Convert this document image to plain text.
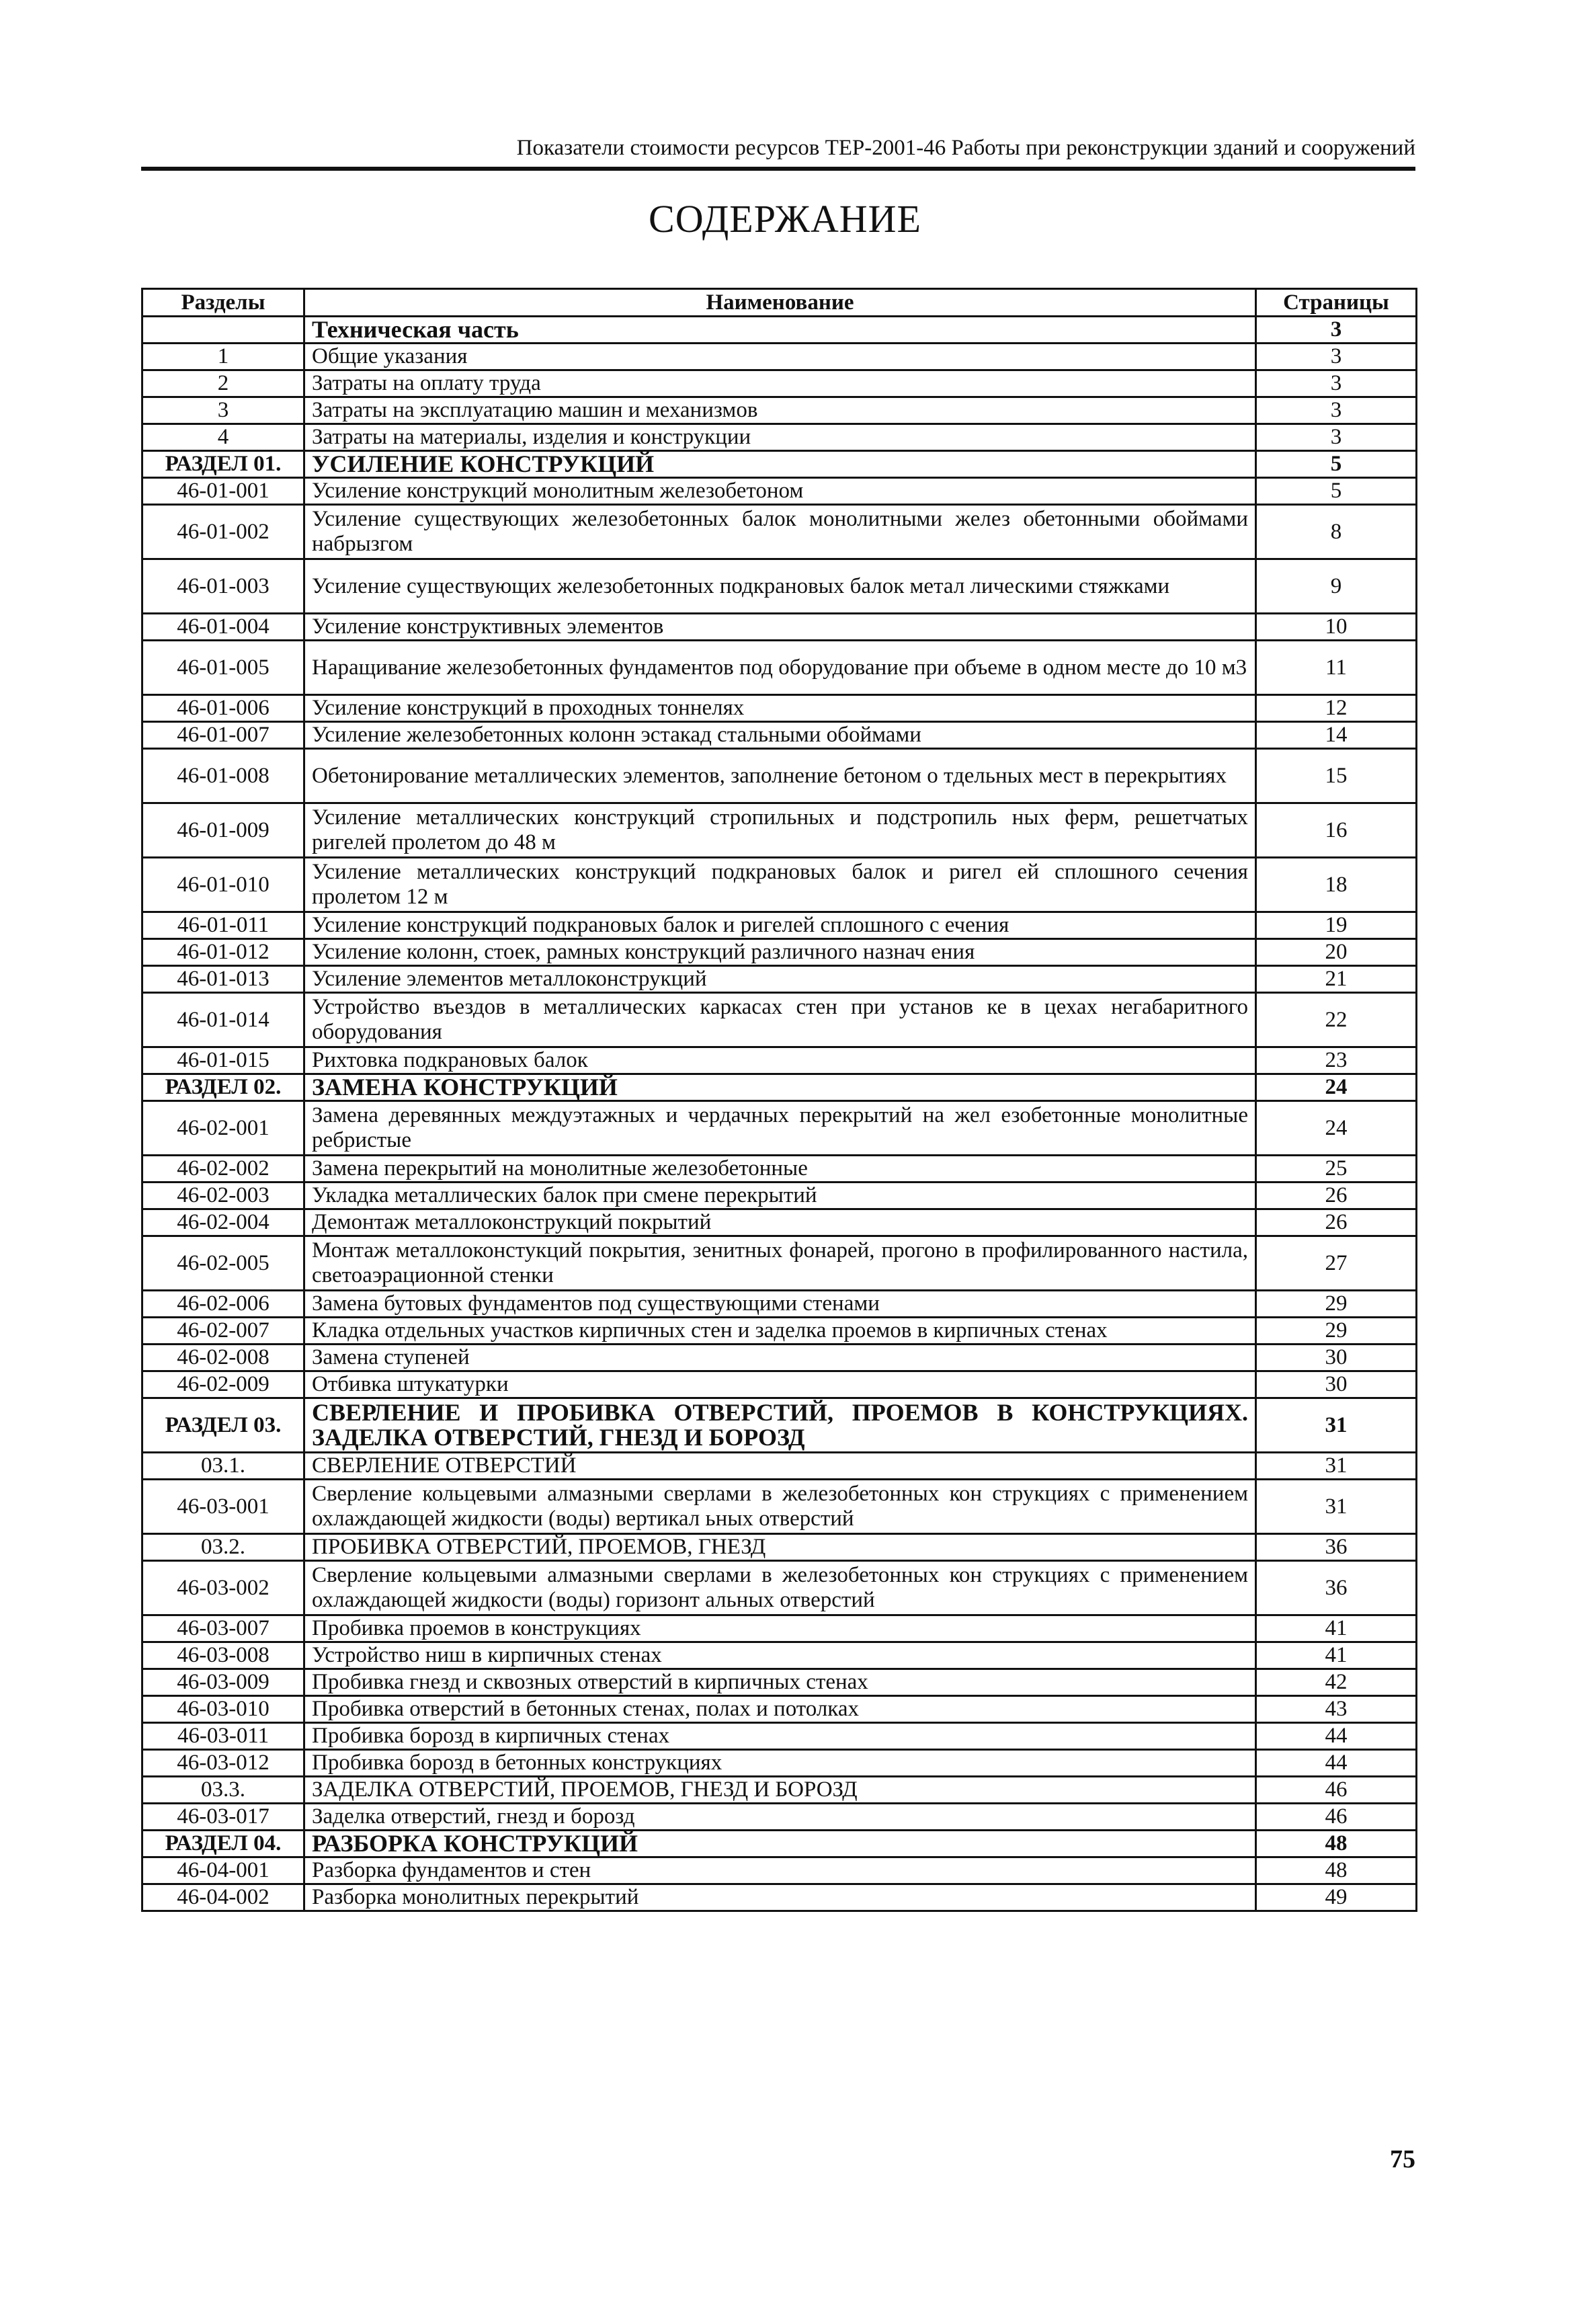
Показатели стоимости ресурсов ТЕР-2001-46 Работы при реконструкции зданий и сооружений
СОДЕРЖАНИЕ
Разделы	Наименование	Страницы
	Техническая часть	3
1	Общие указания	3
2	Затраты на оплату труда	3
3	Затраты на эксплуатацию машин и механизмов	3
4	Затраты на материалы, изделия и конструкции	3
РАЗДЕЛ 01.	УСИЛЕНИЕ КОНСТРУКЦИЙ	5
46-01-001	Усиление конструкций монолитным железобетоном	5
46-01-002	Усиление существующих железобетонных балок монолитными желез обетонными обоймами набрызгом	8
46-01-003	Усиление существующих железобетонных подкрановых балок метал лическими стяжками	9
46-01-004	Усиление конструктивных элементов	10
46-01-005	Наращивание железобетонных фундаментов под оборудование при объеме в одном месте до 10 м3	11
46-01-006	Усиление конструкций в проходных тоннелях	12
46-01-007	Усиление железобетонных колонн эстакад стальными обоймами	14
46-01-008	Обетонирование металлических элементов, заполнение бетоном о тдельных мест в перекрытиях	15
46-01-009	Усиление металлических конструкций стропильных и подстропиль ных ферм, решетчатых ригелей пролетом до 48 м	16
46-01-010	Усиление металлических конструкций подкрановых балок и ригел ей сплошного сечения пролетом 12 м	18
46-01-011	Усиление конструкций подкрановых балок и ригелей сплошного с ечения	19
46-01-012	Усиление колонн, стоек, рамных конструкций различного назнач ения	20
46-01-013	Усиление элементов металлоконструкций	21
46-01-014	Устройство въездов в металлических каркасах стен при установ ке в цехах негабаритного оборудования	22
46-01-015	Рихтовка подкрановых балок	23
РАЗДЕЛ 02.	ЗАМЕНА КОНСТРУКЦИЙ	24
46-02-001	Замена деревянных междуэтажных и чердачных перекрытий на жел езобетонные монолитные ребристые	24
46-02-002	Замена перекрытий на монолитные железобетонные	25
46-02-003	Укладка металлических балок при смене перекрытий	26
46-02-004	Демонтаж металлоконструкций покрытий	26
46-02-005	Монтаж металлоконстукций покрытия, зенитных фонарей, прогоно в профилированного настила, светоаэрационной стенки	27
46-02-006	Замена бутовых фундаментов под существующими стенами	29
46-02-007	Кладка отдельных участков кирпичных стен и заделка проемов в кирпичных стенах	29
46-02-008	Замена ступеней	30
46-02-009	Отбивка штукатурки	30
РАЗДЕЛ 03.	СВЕРЛЕНИЕ И ПРОБИВКА ОТВЕРСТИЙ, ПРОЕМОВ В КОНСТРУКЦИЯХ. ЗАДЕЛКА ОТВЕРСТИЙ, ГНЕЗД И БОРОЗД	31
03.1.	СВЕРЛЕНИЕ ОТВЕРСТИЙ	31
46-03-001	Сверление кольцевыми алмазными сверлами в железобетонных кон струкциях с применением охлаждающей жидкости (воды) вертикал ьных отверстий	31
03.2.	ПРОБИВКА ОТВЕРСТИЙ, ПРОЕМОВ, ГНЕЗД	36
46-03-002	Сверление кольцевыми алмазными сверлами в железобетонных кон струкциях с применением охлаждающей жидкости (воды) горизонт альных отверстий	36
46-03-007	Пробивка проемов в конструкциях	41
46-03-008	Устройство ниш в кирпичных стенах	41
46-03-009	Пробивка гнезд и сквозных отверстий в кирпичных стенах	42
46-03-010	Пробивка отверстий в бетонных стенах, полах и потолках	43
46-03-011	Пробивка борозд в кирпичных стенах	44
46-03-012	Пробивка борозд в бетонных конструкциях	44
03.3.	ЗАДЕЛКА ОТВЕРСТИЙ, ПРОЕМОВ, ГНЕЗД И БОРОЗД	46
46-03-017	Заделка отверстий, гнезд и борозд	46
РАЗДЕЛ 04.	РАЗБОРКА КОНСТРУКЦИЙ	48
46-04-001	Разборка фундаментов и стен	48
46-04-002	Разборка монолитных перекрытий	49
75
